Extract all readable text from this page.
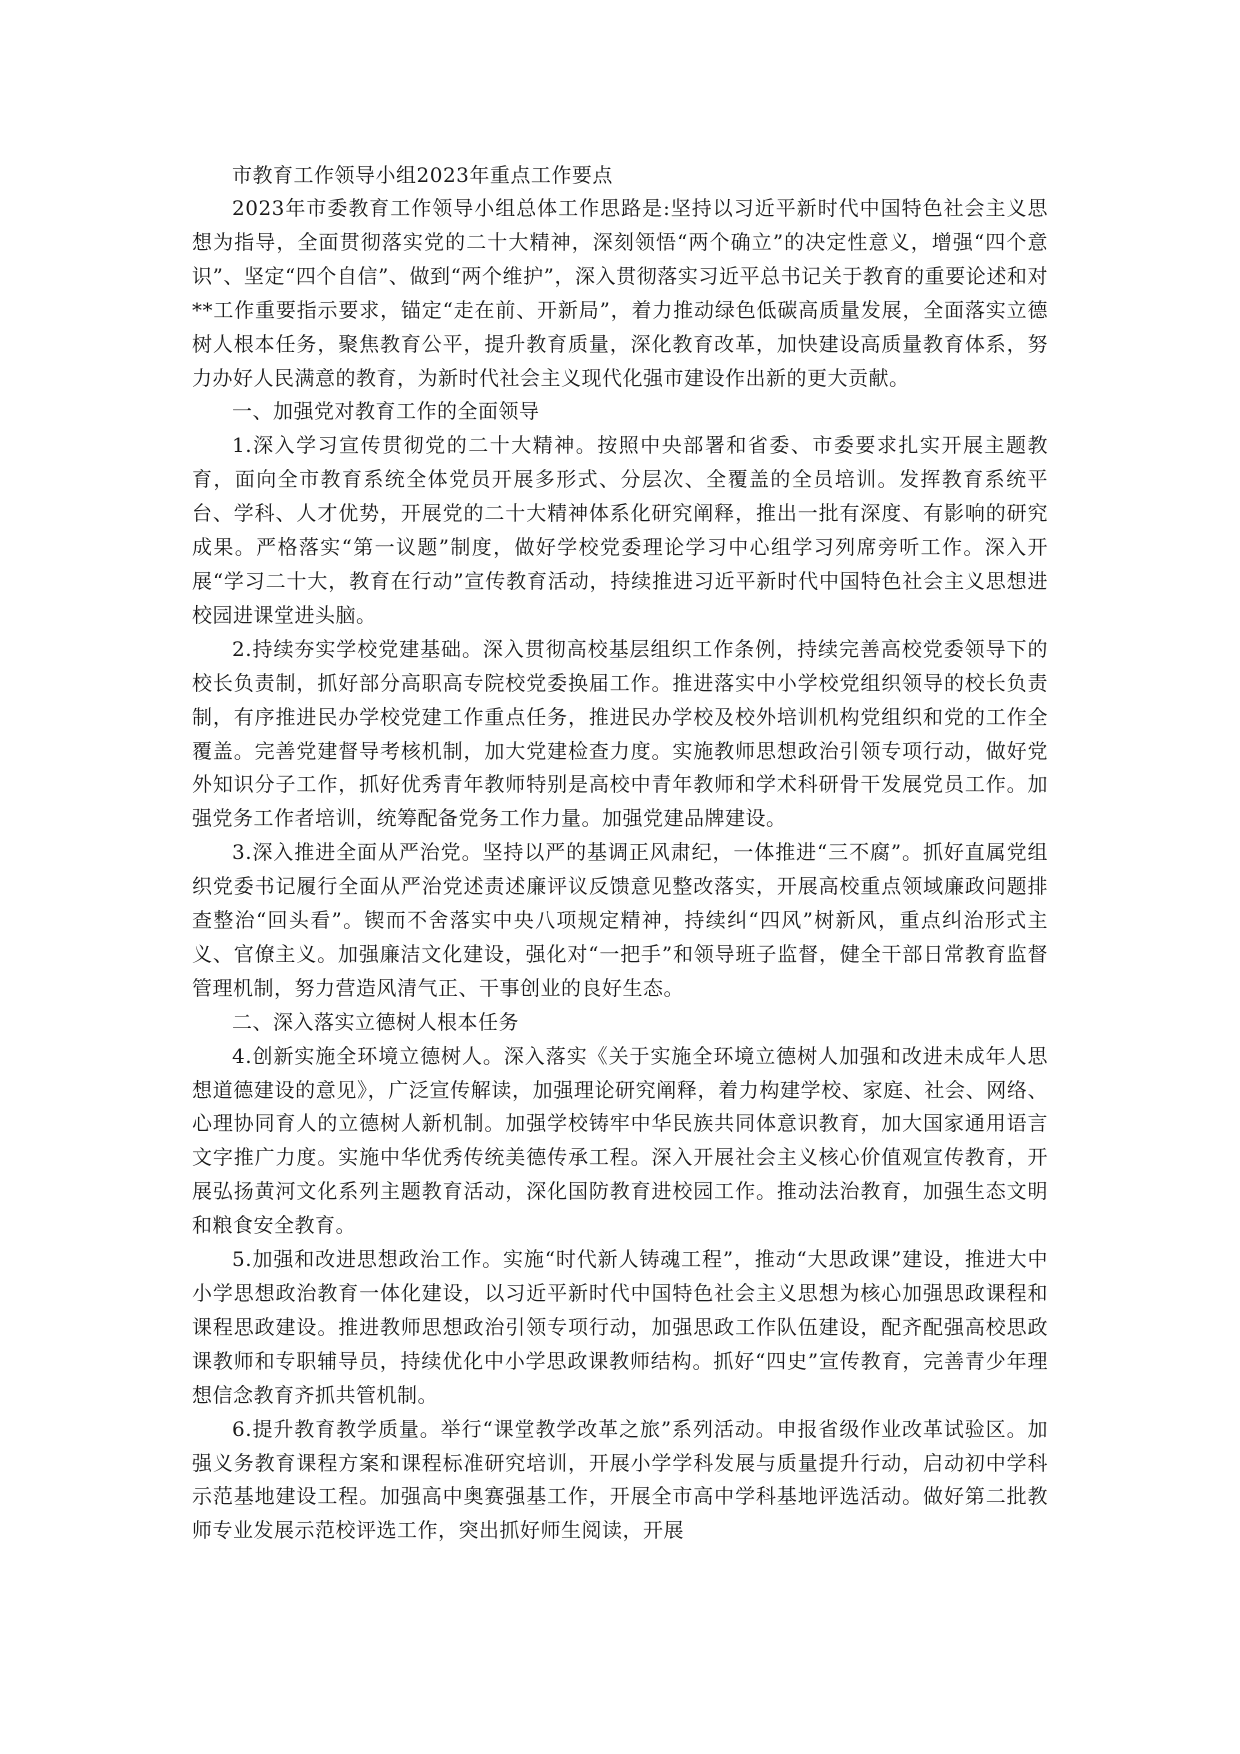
市教育工作领导小组2023年重点工作要点

2023年市委教育工作领导小组总体工作思路是:坚持以习近平新时代中国特色社会主义思想为指导，全面贯彻落实党的二十大精神，深刻领悟“两个确立”的决定性意义，增强“四个意识”、坚定“四个自信”、做到“两个维护”，深入贯彻落实习近平总书记关于教育的重要论述和对**工作重要指示要求，锚定“走在前、开新局”，着力推动绿色低碳高质量发展，全面落实立德树人根本任务，聚焦教育公平，提升教育质量，深化教育改革，加快建设高质量教育体系，努力办好人民满意的教育，为新时代社会主义现代化强市建设作出新的更大贡献。

一、加强党对教育工作的全面领导

1.深入学习宣传贯彻党的二十大精神。按照中央部署和省委、市委要求扎实开展主题教育，面向全市教育系统全体党员开展多形式、分层次、全覆盖的全员培训。发挥教育系统平台、学科、人才优势，开展党的二十大精神体系化研究阐释，推出一批有深度、有影响的研究成果。严格落实“第一议题”制度，做好学校党委理论学习中心组学习列席旁听工作。深入开展“学习二十大，教育在行动”宣传教育活动，持续推进习近平新时代中国特色社会主义思想进校园进课堂进头脑。

2.持续夯实学校党建基础。深入贯彻高校基层组织工作条例，持续完善高校党委领导下的校长负责制，抓好部分高职高专院校党委换届工作。推进落实中小学校党组织领导的校长负责制，有序推进民办学校党建工作重点任务，推进民办学校及校外培训机构党组织和党的工作全覆盖。完善党建督导考核机制，加大党建检查力度。实施教师思想政治引领专项行动，做好党外知识分子工作，抓好优秀青年教师特别是高校中青年教师和学术科研骨干发展党员工作。加强党务工作者培训，统筹配备党务工作力量。加强党建品牌建设。

3.深入推进全面从严治党。坚持以严的基调正风肃纪，一体推进“三不腐”。抓好直属党组织党委书记履行全面从严治党述责述廉评议反馈意见整改落实，开展高校重点领域廉政问题排查整治“回头看”。锲而不舍落实中央八项规定精神，持续纠“四风”树新风，重点纠治形式主义、官僚主义。加强廉洁文化建设，强化对“一把手”和领导班子监督，健全干部日常教育监督管理机制，努力营造风清气正、干事创业的良好生态。

二、深入落实立德树人根本任务

4.创新实施全环境立德树人。深入落实《关于实施全环境立德树人加强和改进未成年人思想道德建设的意见》，广泛宣传解读，加强理论研究阐释，着力构建学校、家庭、社会、网络、心理协同育人的立德树人新机制。加强学校铸牢中华民族共同体意识教育，加大国家通用语言文字推广力度。实施中华优秀传统美德传承工程。深入开展社会主义核心价值观宣传教育，开展弘扬黄河文化系列主题教育活动，深化国防教育进校园工作。推动法治教育，加强生态文明和粮食安全教育。

5.加强和改进思想政治工作。实施“时代新人铸魂工程”，推动“大思政课”建设，推进大中小学思想政治教育一体化建设，以习近平新时代中国特色社会主义思想为核心加强思政课程和课程思政建设。推进教师思想政治引领专项行动，加强思政工作队伍建设，配齐配强高校思政课教师和专职辅导员，持续优化中小学思政课教师结构。抓好“四史”宣传教育，完善青少年理想信念教育齐抓共管机制。

6.提升教育教学质量。举行“课堂教学改革之旅”系列活动。申报省级作业改革试验区。加强义务教育课程方案和课程标准研究培训，开展小学学科发展与质量提升行动，启动初中学科示范基地建设工程。加强高中奥赛强基工作，开展全市高中学科基地评选活动。做好第二批教师专业发展示范校评选工作，突出抓好师生阅读，开展
